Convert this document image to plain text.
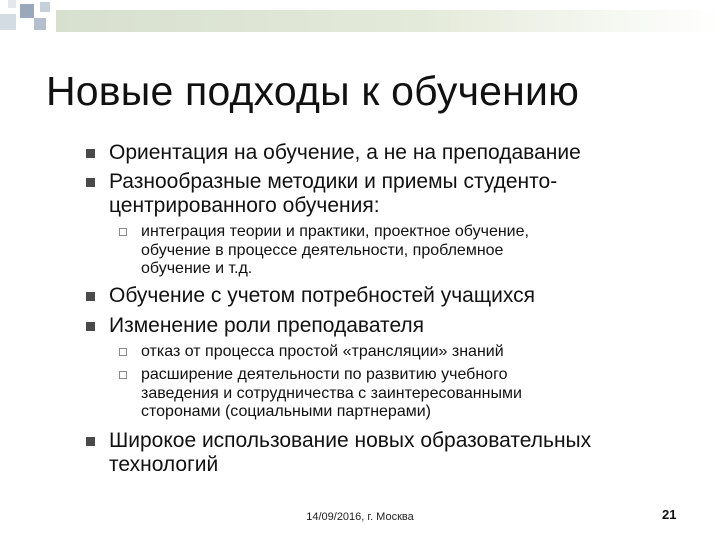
Новые подходы к обучению
Ориентация на обучение, а не на преподавание
Разнообразные методики и приемы студенто-
центрированного обучения:
интеграция теории и практики, проектное обучение,
обучение в процессе деятельности, проблемное
обучение и т.д.
Обучение с учетом потребностей учащихся
Изменение роли преподавателя
отказ от процесса простой «трансляции» знаний
расширение деятельности по развитию учебного
заведения и сотрудничества с заинтересованными
сторонами (социальными партнерами)
Широкое использование новых образовательных
технологий
14/09/2016, г. Москва	21
